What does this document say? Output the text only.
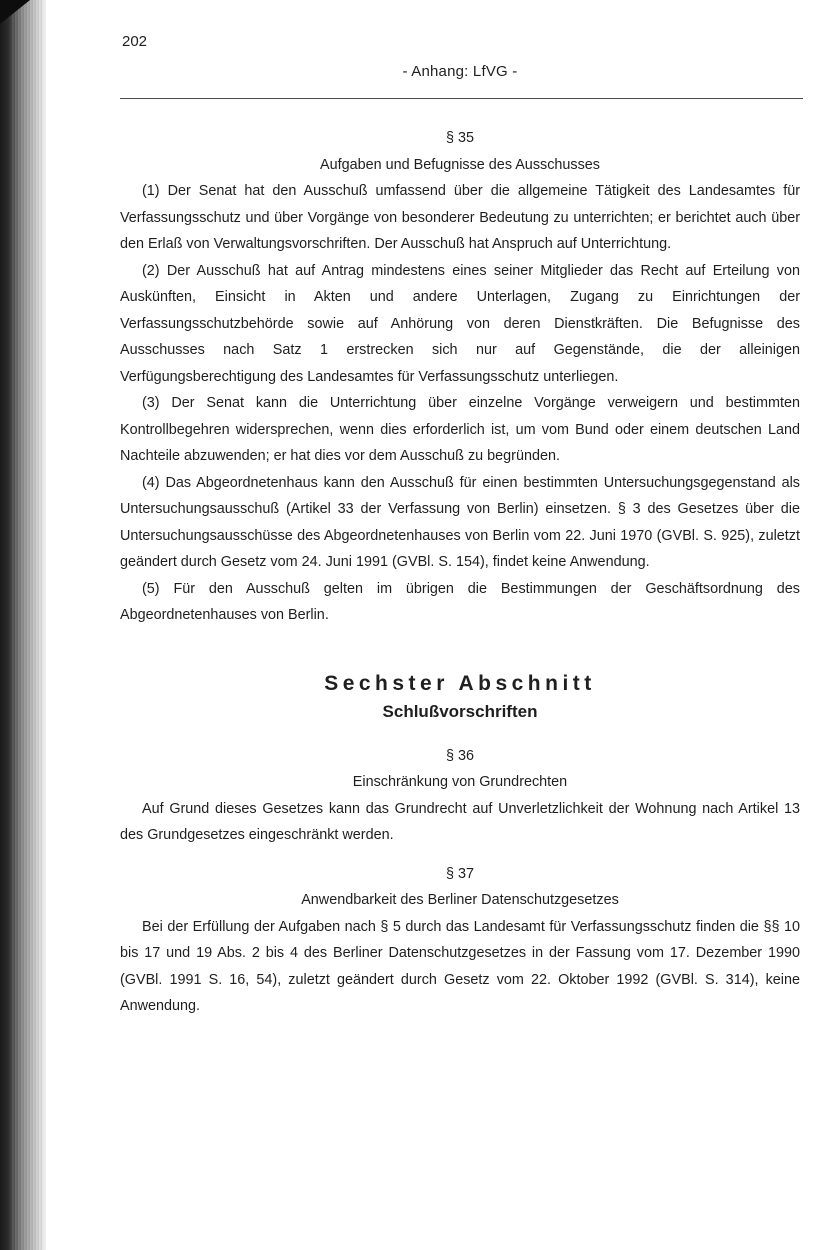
202
- Anhang: LfVG -
§ 35
Aufgaben und Befugnisse des Ausschusses

(1) Der Senat hat den Ausschuß umfassend über die allgemeine Tätigkeit des Landesamtes für Verfassungsschutz und über Vorgänge von besonderer Bedeutung zu unterrichten; er berichtet auch über den Erlaß von Verwaltungsvorschriften. Der Ausschuß hat Anspruch auf Unterrichtung.

(2) Der Ausschuß hat auf Antrag mindestens eines seiner Mitglieder das Recht auf Erteilung von Auskünften, Einsicht in Akten und andere Unterlagen, Zugang zu Einrichtungen der Verfassungsschutzbehörde sowie auf Anhörung von deren Dienstkräften. Die Befugnisse des Ausschusses nach Satz 1 erstrecken sich nur auf Gegenstände, die der alleinigen Verfügungsberechtigung des Landesamtes für Verfassungsschutz unterliegen.

(3) Der Senat kann die Unterrichtung über einzelne Vorgänge verweigern und bestimmten Kontrollbegehren widersprechen, wenn dies erforderlich ist, um vom Bund oder einem deutschen Land Nachteile abzuwenden; er hat dies vor dem Ausschuß zu begründen.

(4) Das Abgeordnetenhaus kann den Ausschuß für einen bestimmten Untersuchungsgegenstand als Untersuchungsausschuß (Artikel 33 der Verfassung von Berlin) einsetzen. § 3 des Gesetzes über die Untersuchungsausschüsse des Abgeordnetenhauses von Berlin vom 22. Juni 1970 (GVBl. S. 925), zuletzt geändert durch Gesetz vom 24. Juni 1991 (GVBl. S. 154), findet keine Anwendung.

(5) Für den Ausschuß gelten im übrigen die Bestimmungen der Geschäftsordnung des Abgeordnetenhauses von Berlin.

Sechster Abschnitt
Schlußvorschriften
§ 36
Einschränkung von Grundrechten

Auf Grund dieses Gesetzes kann das Grundrecht auf Unverletzlichkeit der Wohnung nach Artikel 13 des Grundgesetzes eingeschränkt werden.

§ 37
Anwendbarkeit des Berliner Datenschutzgesetzes

Bei der Erfüllung der Aufgaben nach § 5 durch das Landesamt für Verfassungsschutz finden die §§ 10 bis 17 und 19 Abs. 2 bis 4 des Berliner Datenschutzgesetzes in der Fassung vom 17. Dezember 1990 (GVBl. 1991 S. 16, 54), zuletzt geändert durch Gesetz vom 22. Oktober 1992 (GVBl. S. 314), keine Anwendung.
